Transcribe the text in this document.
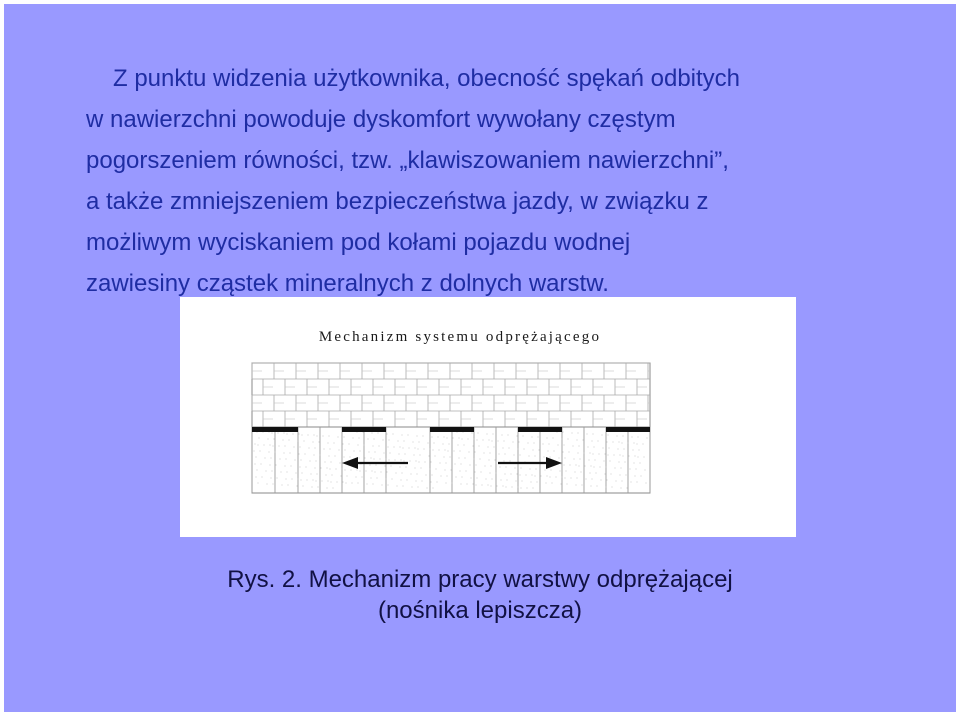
Z punktu widzenia użytkownika, obecność spękań odbitych
w nawierzchni powoduje dyskomfort wywołany częstym
pogorszeniem równości, tzw. „klawiszowaniem nawierzchni”,
a także zmniejszeniem bezpieczeństwa jazdy, w związku z
możliwym wyciskaniem pod kołami pojazdu wodnej
zawiesiny cząstek mineralnych z dolnych warstw.
Mechanizm systemu odprężającego
Rys. 2. Mechanizm pracy warstwy odprężającej
(nośnika lepiszcza)
